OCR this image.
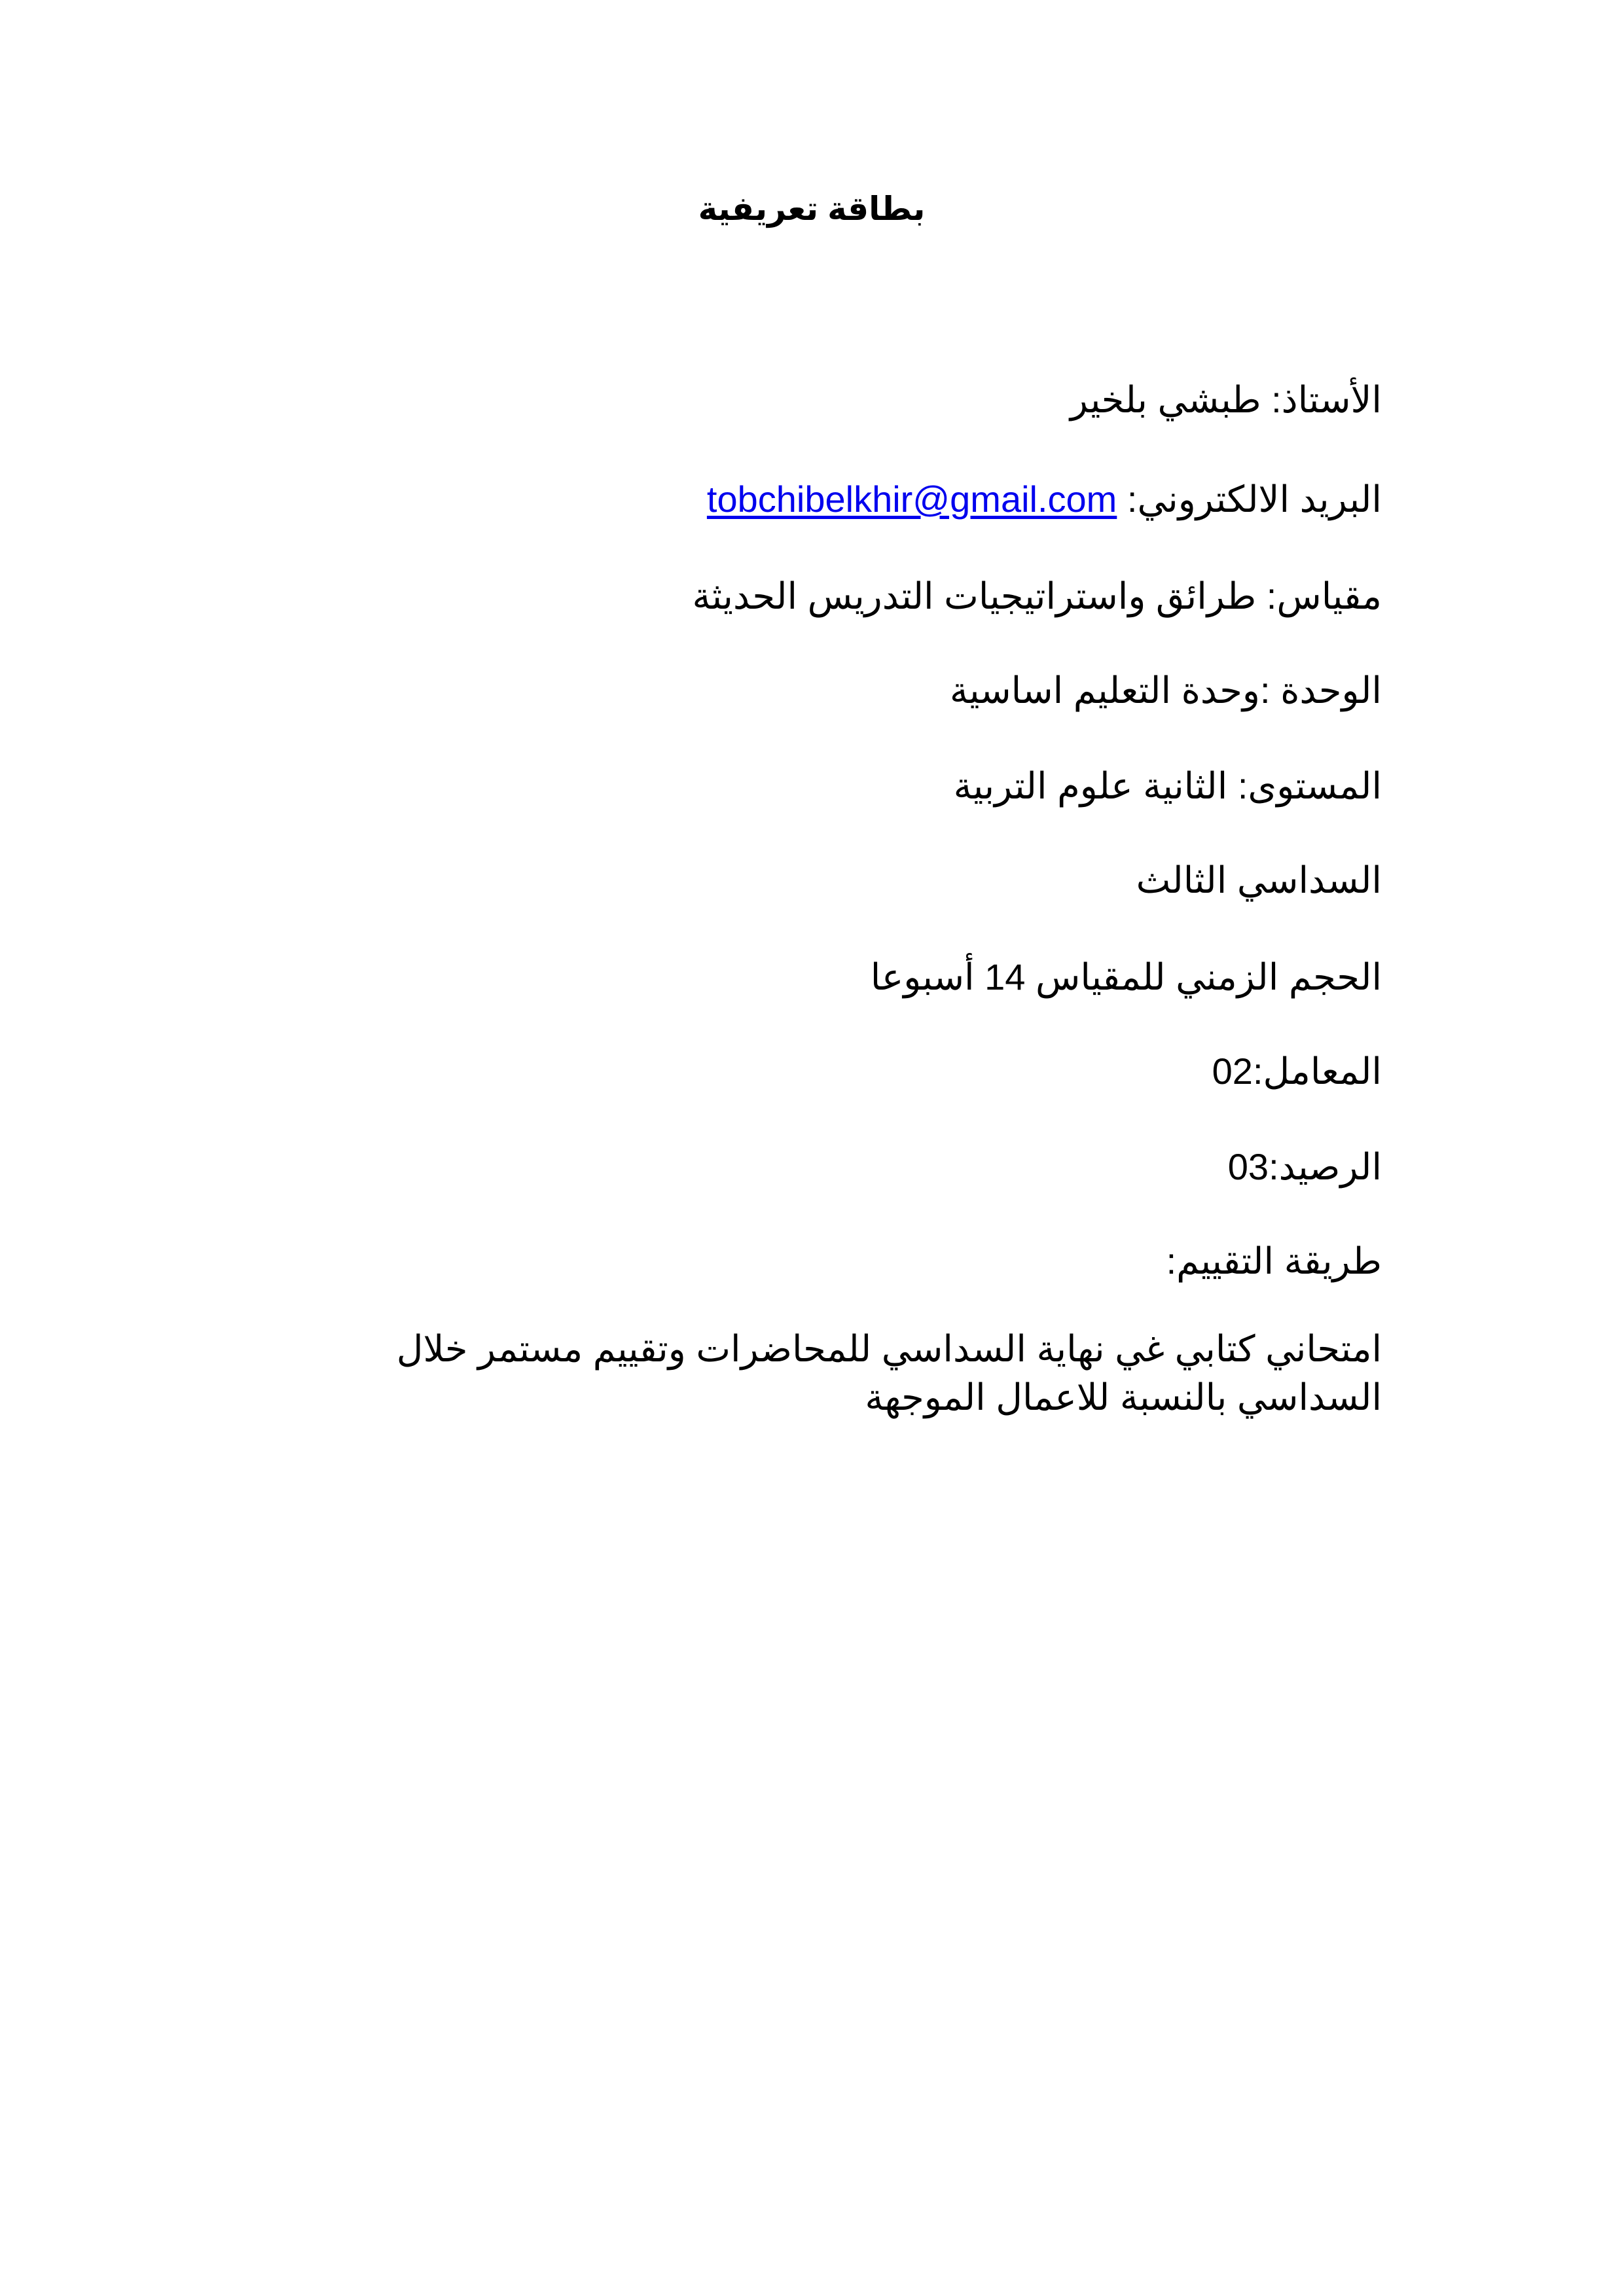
بطاقة تعريفية
الأستاذ: طبشي بلخير
البريد الالكتروني: tobchibelkhir@gmail.com
مقياس: طرائق واستراتيجيات التدريس الحديثة
الوحدة :وحدة التعليم اساسية
المستوى: الثانية علوم التربية
السداسي الثالث
الحجم الزمني للمقياس 14 أسبوعا
المعامل:02
الرصيد:03
طريقة التقييم:
امتحاني كتابي غي نهاية السداسي للمحاضرات وتقييم مستمر خلال السداسي بالنسبة للاعمال الموجهة
